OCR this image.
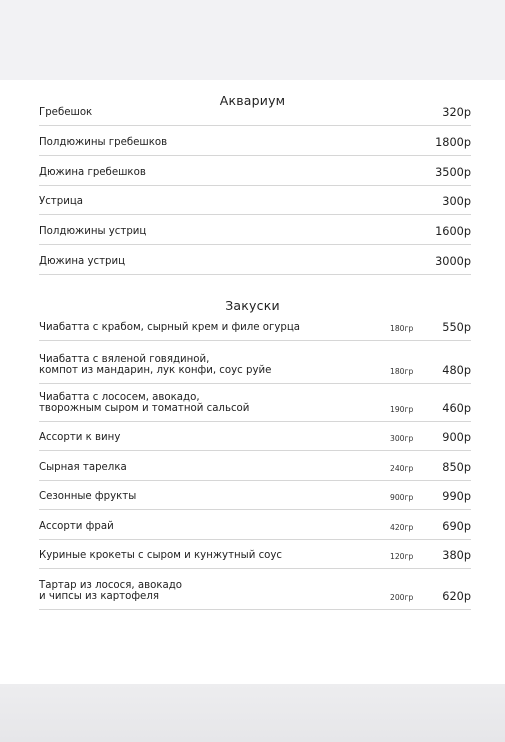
Аквариум
Гребешок	320р
Полдюжины гребешков	1800р
Дюжина гребешков	3500р
Устрица	300р
Полдюжины устриц	1600р
Дюжина устриц	3000р
Закуски
Чиабатта с крабом, сырный крем и филе огурца	180гр	550р
Чиабатта с вяленой говядиной,
компот из мандарин, лук конфи, соус руйе	180гр	480р
Чиабатта с лососем, авокадо,
творожным сыром и томатной сальсой	190гр	460р
Ассорти к вину	300гр	900р
Сырная тарелка	240гр	850р
Сезонные фрукты	900гр	990р
Ассорти фрай	420гр	690р
Куриные крокеты с сыром и кунжутный соус	120гр	380р
Тартар из лосося, авокадо
и чипсы из картофеля	200гр	620р
